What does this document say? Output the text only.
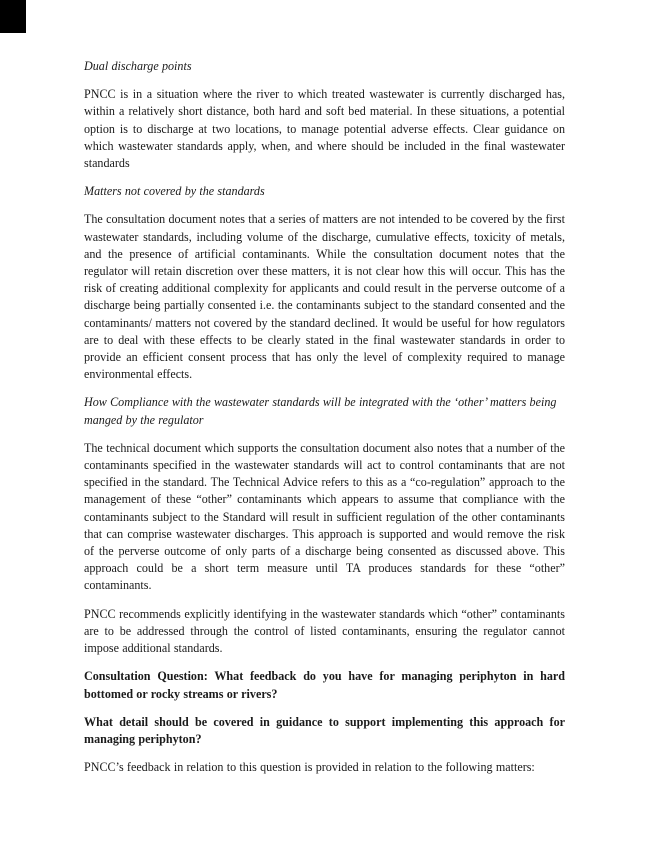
Dual discharge points
PNCC is in a situation where the river to which treated wastewater is currently discharged has, within a relatively short distance, both hard and soft bed material. In these situations, a potential option is to discharge at two locations, to manage potential adverse effects. Clear guidance on which wastewater standards apply, when, and where should be included in the final wastewater standards
Matters not covered by the standards
The consultation document notes that a series of matters are not intended to be covered by the first wastewater standards, including volume of the discharge, cumulative effects, toxicity of metals, and the presence of artificial contaminants. While the consultation document notes that the regulator will retain discretion over these matters, it is not clear how this will occur. This has the risk of creating additional complexity for applicants and could result in the perverse outcome of a discharge being partially consented i.e. the contaminants subject to the standard consented and the contaminants/ matters not covered by the standard declined. It would be useful for how regulators are to deal with these effects to be clearly stated in the final wastewater standards in order to provide an efficient consent process that has only the level of complexity required to manage environmental effects.
How Compliance with the wastewater standards will be integrated with the ‘other’ matters being manged by the regulator
The technical document which supports the consultation document also notes that a number of the contaminants specified in the wastewater standards will act to control contaminants that are not specified in the standard. The Technical Advice refers to this as a “co-regulation” approach to the management of these “other” contaminants which appears to assume that compliance with the contaminants subject to the Standard will result in sufficient regulation of the other contaminants that can comprise wastewater discharges. This approach is supported and would remove the risk of the perverse outcome of only parts of a discharge being consented as discussed above. This approach could be a short term measure until TA produces standards for these “other” contaminants.
PNCC recommends explicitly identifying in the wastewater standards which “other” contaminants are to be addressed through the control of listed contaminants, ensuring the regulator cannot impose additional standards.
Consultation Question: What feedback do you have for managing periphyton in hard bottomed or rocky streams or rivers?
What detail should be covered in guidance to support implementing this approach for managing periphyton?
PNCC’s feedback in relation to this question is provided in relation to the following matters:
